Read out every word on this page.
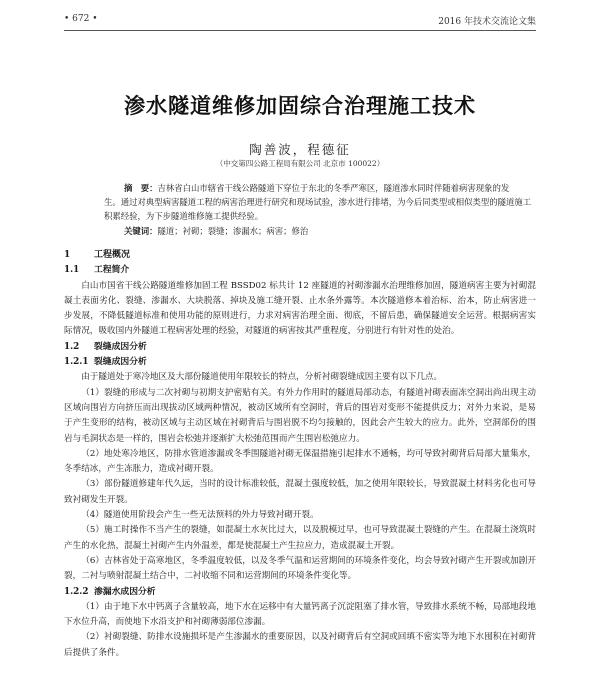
• 672 •	2016 年技术交流论文集
渗水隧道维修加固综合治理施工技术
陶善波，程德征
（中交第四公路工程局有限公司 北京市 100022）
摘　要：吉林省白山市辖省干线公路隧道下穿位于东北的冬季严寒区，隧道渗水同时伴随着病害现象的发
生。通过对典型病害隧道工程的病害治理进行研究和现场试验，渗水进行排堵，为今后同类型或相似类型的隧道施工
积累经验，为下步隧道维修施工提供经验。
关键词：隧道；衬砌；裂缝；渗漏水；病害；修治
1	工程概况
1.1 工程简介

白山市国省干线公路隧道维修加固工程 BSSD02 标共计 12 座隧道的衬砌渗漏水治理维修加固，隧道病害主要为衬砌混凝土表面劣化、裂缝、渗漏水、大块脱落、掉块及施工缝开裂、止水条外露等。本次隧道修本着治标、治本，防止病害进一步发展，不降低隧道标准和使用功能的原则进行，力求对病害治理全面、彻底，不留后患，确保隧道安全运营。根据病害实际情况，吸收国内外隧道工程病害处理的经验，对隧道的病害按其严重程度，分别进行有针对性的处治。

1.2 裂缝成因分析
1.2.1 裂缝成因分析

由于隧道处于寒冷地区及大部份隧道使用年限较长的特点，分析衬砌裂缝成因主要有以下几点。

（1）裂缝的形成与二次衬砌与初期支护密贴有关。有外力作用时的隧道局部动态，有隧道衬砌表面冻空洞出尚出现主动区域向围岩方向挤压而出现拔动区域两种情况，被动区域所有空洞时，背后的围岩对变形不能提供反力；对外力来说，是易于产生变形的结构，被动区域与主动区域在衬砌背后与围岩脱不均匀接触的，因此会产生较大的应力。此外，空洞部份的围岩与毛洞状态是一样的，围岩会松弛并逐渐扩大松弛范围而产生围岩松弛应力。

（2）地处寒冷地区，防排水管道渗漏或冬季围隧道衬砌无保温措施引起排水不通畅，均可导致衬砌背后局部大量集水，冬季结冰，产生冻胀力，造成衬砌开裂。

（3）部份隧道修建年代久远，当时的设计标准较低，混凝土强度较低，加之使用年限较长，导致混凝土材料劣化也可导致衬砌发生开裂。

（4）隧道使用阶段会产生一些无法预料的外力导致衬砌开裂。

（5）施工时操作不当产生的裂缝，如混凝土水灰比过大，以及脱模过早，也可导致混凝土裂缝的产生。在混凝土浇筑时产生的水化热，混凝土衬砌产生内外温差，都是使混凝土产生拉应力，造成混凝土开裂。

（6）吉林省处于高寒地区，冬季温度较低，以及冬季气温和运营期间的环境条件变化，均会导致衬砌产生开裂或加剧开裂，二衬与喷射混凝土结合中，二衬收缩不同和运营期间的环境条件变化等。

1.2.2 渗漏水成因分析

（1）由于地下水中钙离子含量较高，地下水在运移中有大量钙离子沉淀阻塞了排水管，导致排水系统不畅，局部地段地下水位升高，而使地下水沿支护和衬砌薄弱部位渗漏。

（2）衬砌裂缝、防排水设施损坏是产生渗漏水的重要原因，以及衬砌背后有空洞或回填不密实等为地下水囤积在衬砌背后提供了条件。
